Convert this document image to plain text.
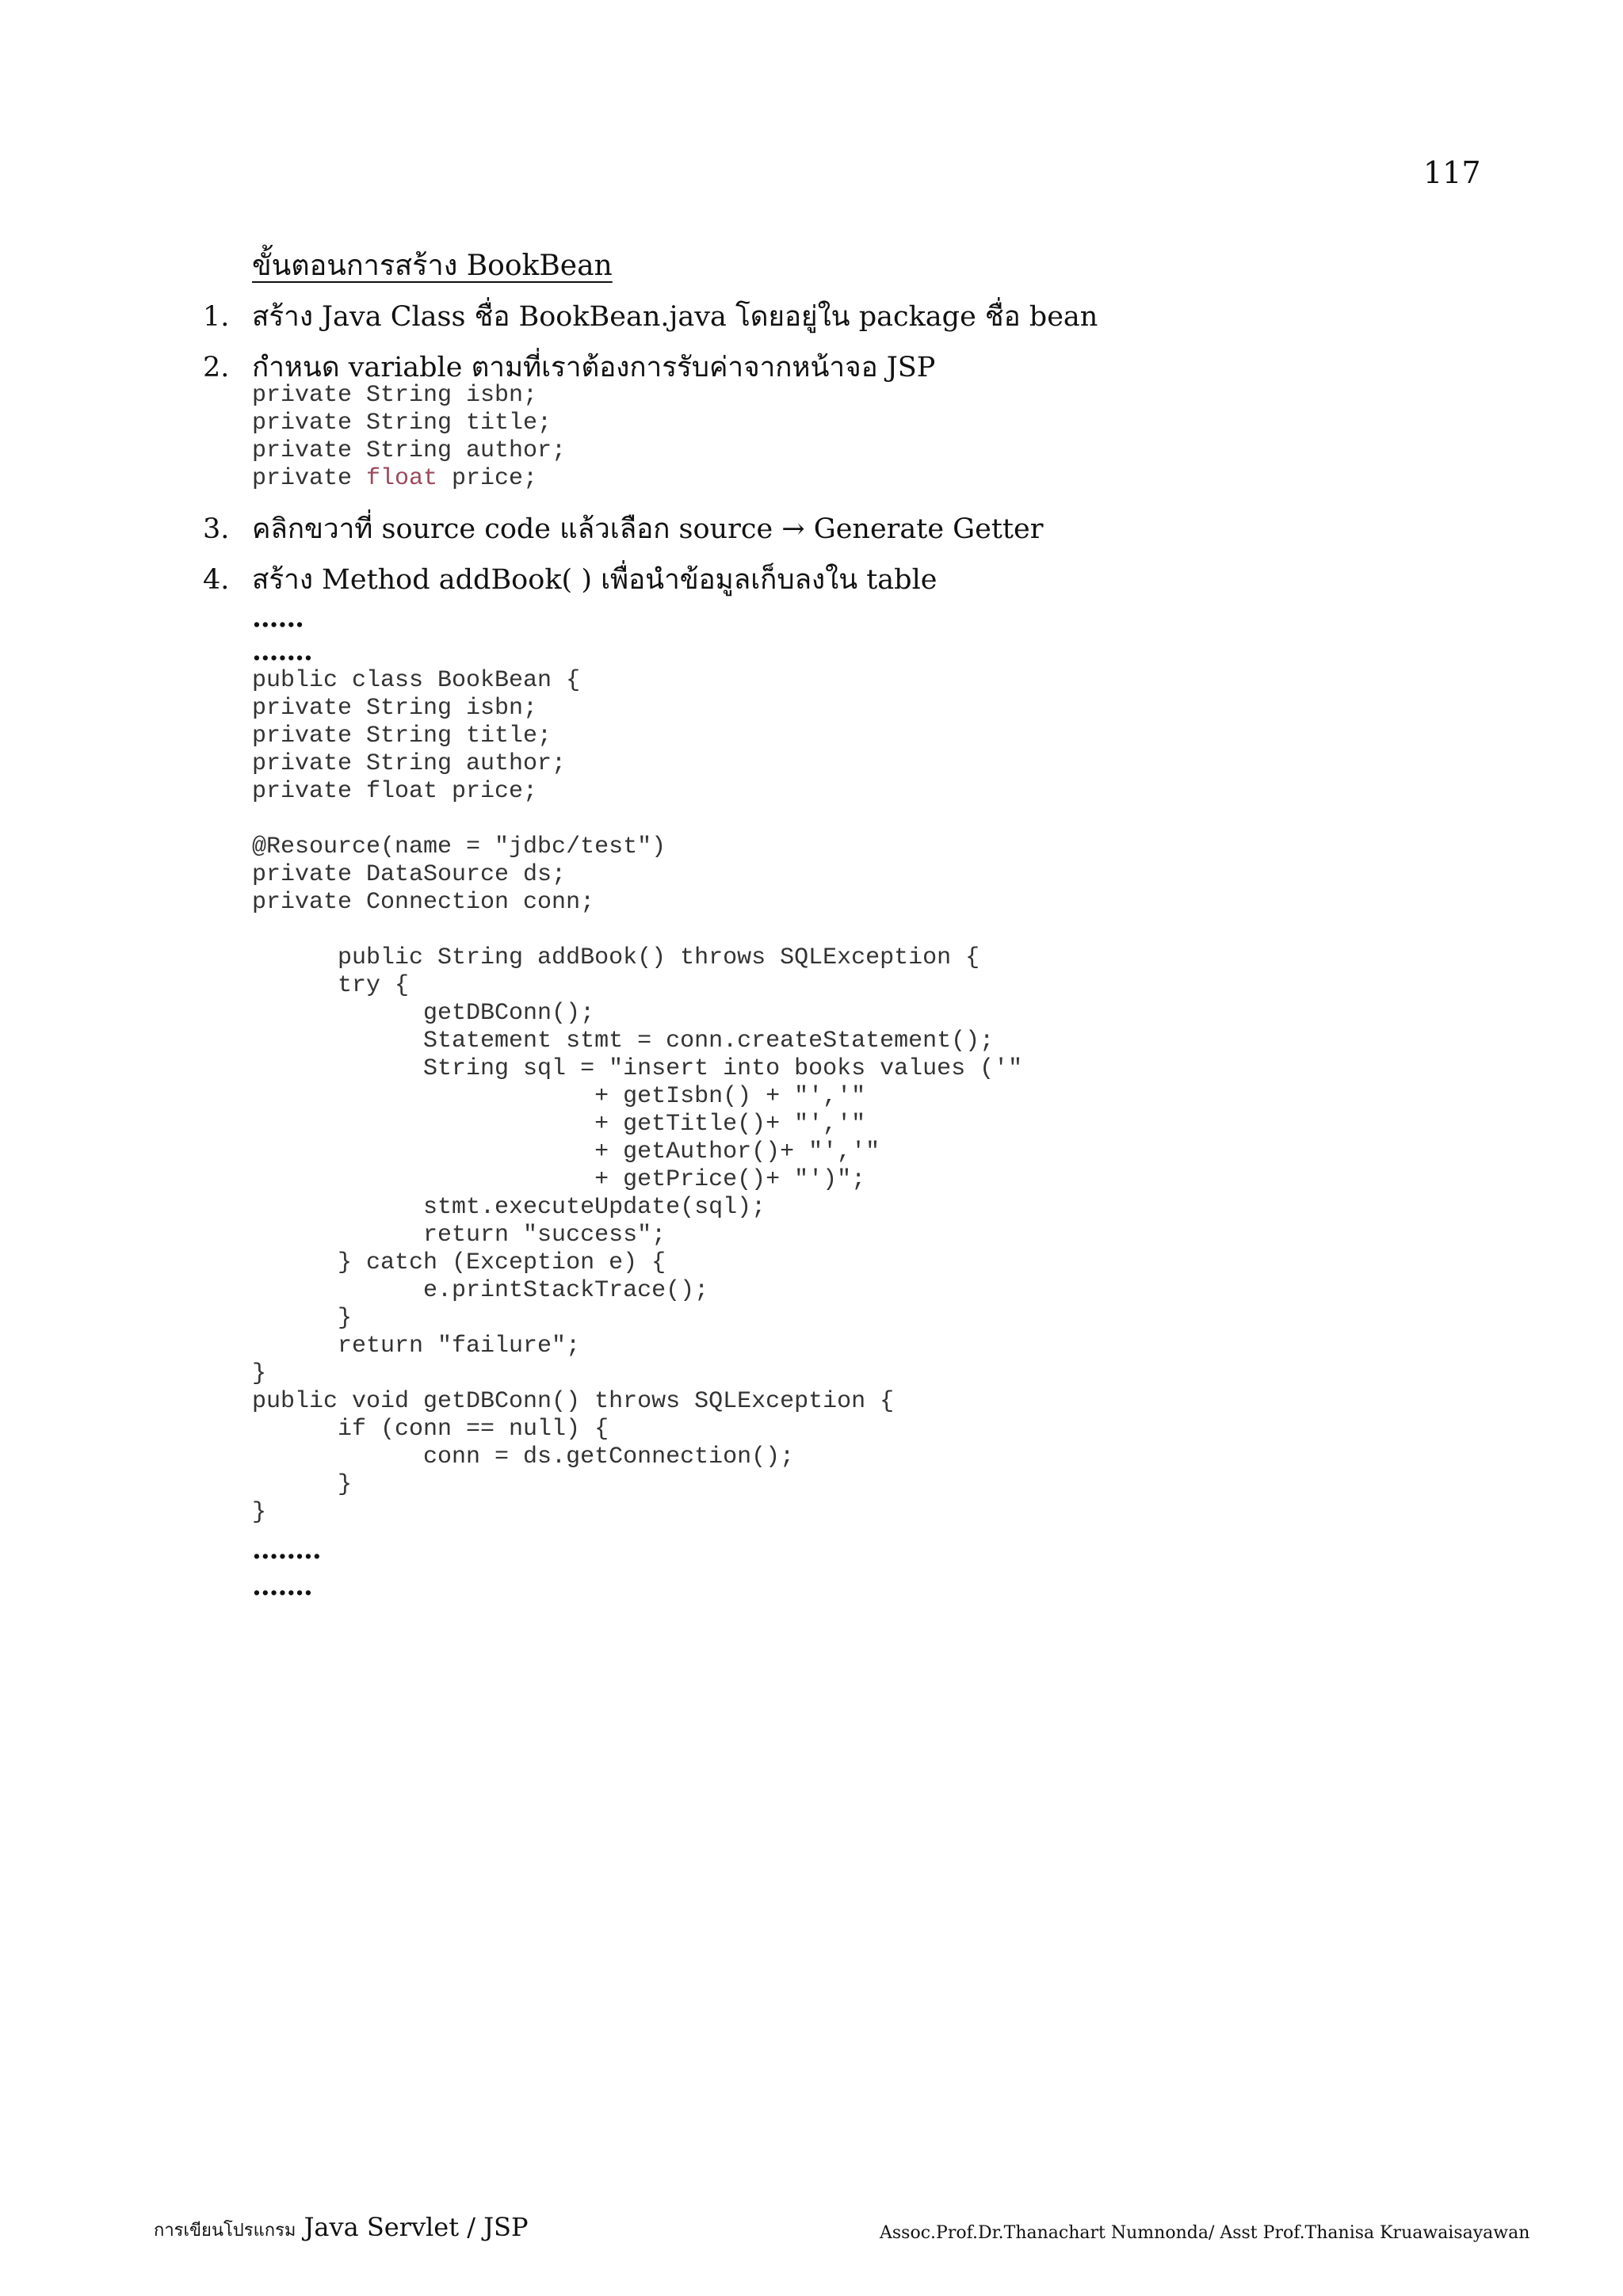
117
ขั้นตอนการสร้าง BookBean
1. สร้าง Java Class ชื่อ BookBean.java โดยอยู่ใน package ชื่อ bean
2. กำหนด variable ตามที่เราต้องการรับค่าจากหน้าจอ JSP
private String isbn;
private String title;
private String author;
private float price;
3. คลิกขวาที่ source code แล้วเลือก source → Generate Getter
4. สร้าง Method addBook( ) เพื่อนำข้อมูลเก็บลงใน table
......
.......
public class BookBean {
private String isbn;
private String title;
private String author;
private float price;
@Resource(name = "jdbc/test")
private DataSource ds;
private Connection conn;
public String addBook() throws SQLException {
try {
getDBConn();
Statement stmt = conn.createStatement();
String sql = "insert into books values ('"
+ getIsbn() + "','"
+ getTitle()+ "','"
+ getAuthor()+ "','"
+ getPrice()+ "')";
stmt.executeUpdate(sql);
return "success";
} catch (Exception e) {
e.printStackTrace();
}
return "failure";
}
public void getDBConn() throws SQLException {
if (conn == null) {
conn = ds.getConnection();
}
}
........
.......
การเขียนโปรแกรม Java Servlet / JSP	Assoc.Prof.Dr.Thanachart Numnonda/ Asst Prof.Thanisa Kruawaisayawan
